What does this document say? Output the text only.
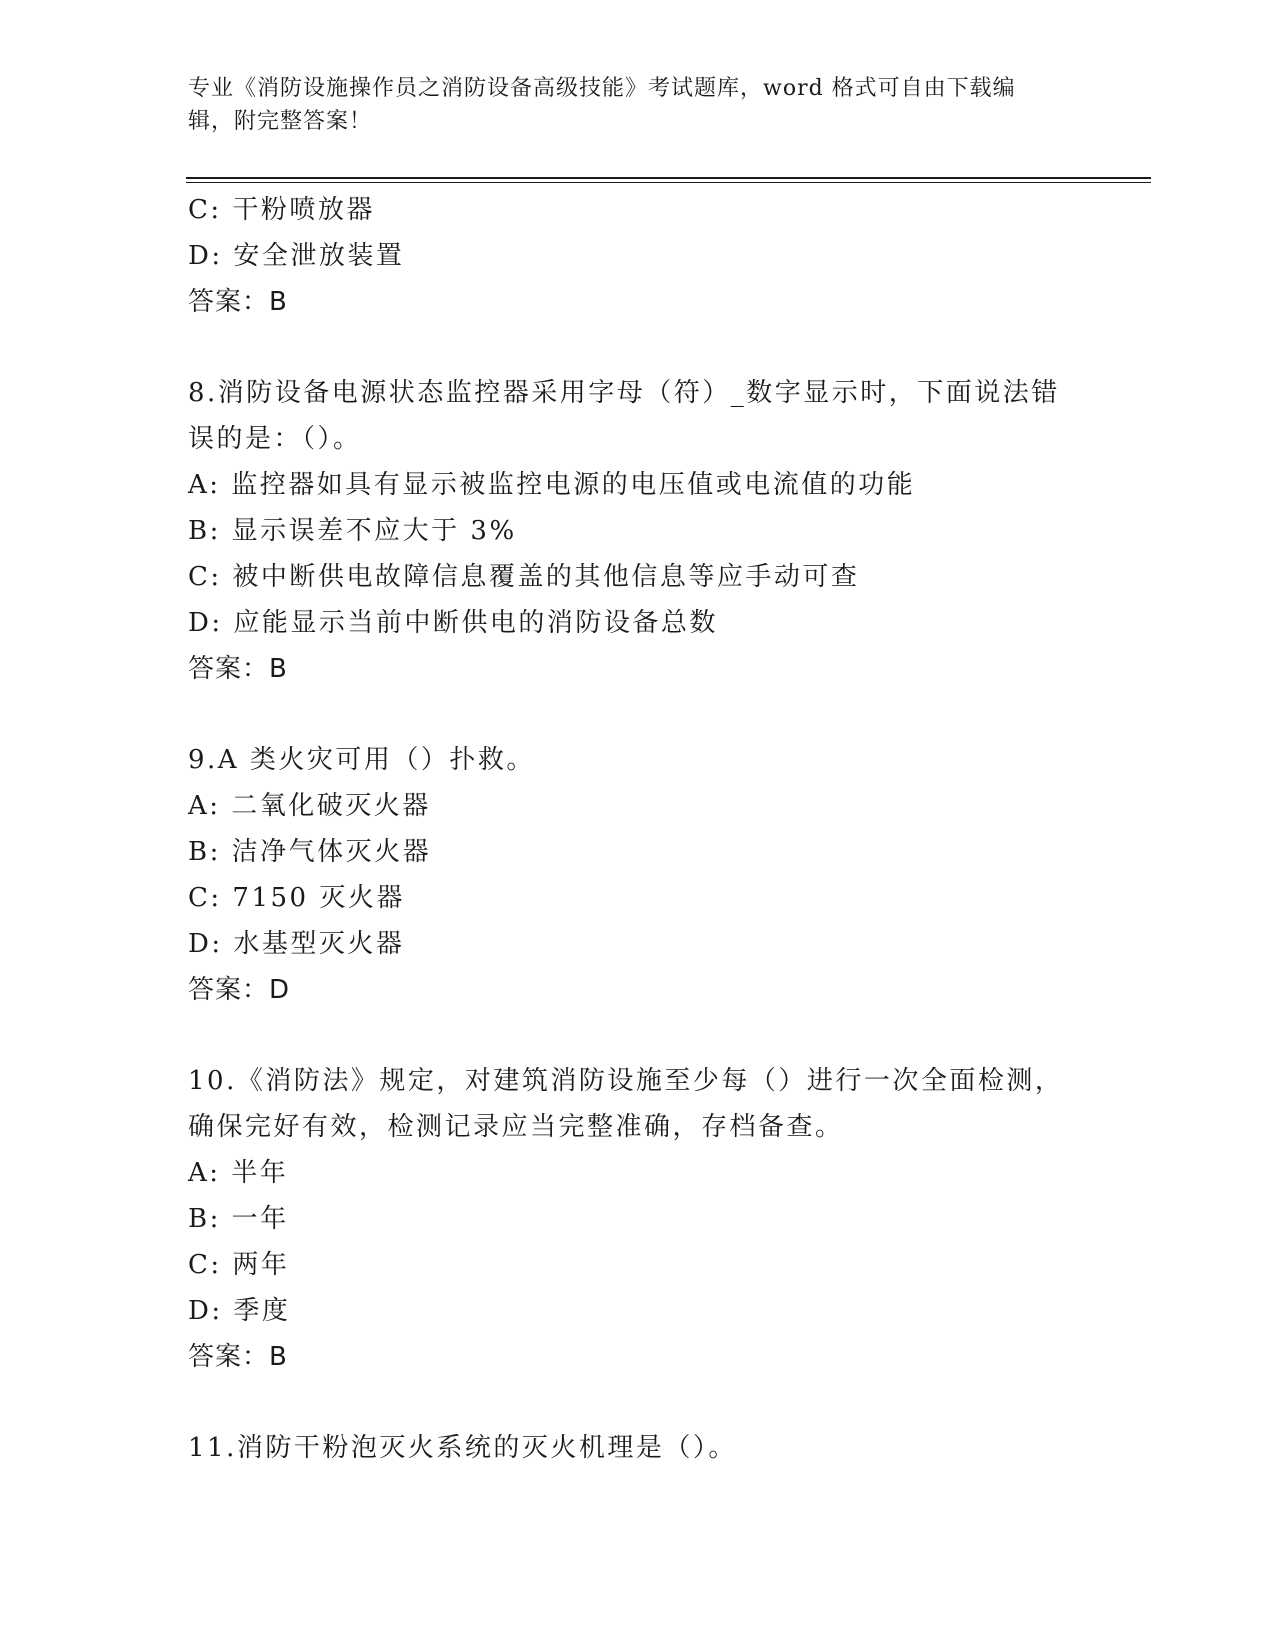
专业《消防设施操作员之消防设备高级技能》考试题库，word 格式可自由下载编
辑，附完整答案！
C: 干粉喷放器
D: 安全泄放装置
答案：B
8.消防设备电源状态监控器采用字母（符）_数字显示时，下面说法错
误的是：（）。
A: 监控器如具有显示被监控电源的电压值或电流值的功能
B: 显示误差不应大于 3%
C: 被中断供电故障信息覆盖的其他信息等应手动可查
D: 应能显示当前中断供电的消防设备总数
答案：B
9.A 类火灾可用（）扑救。
A: 二氧化破灭火器
B: 洁净气体灭火器
C: 7150 灭火器
D: 水基型灭火器
答案：D
10.《消防法》规定，对建筑消防设施至少每（）进行一次全面检测，
确保完好有效，检测记录应当完整准确，存档备查。
A: 半年
B: 一年
C: 两年
D: 季度
答案：B
11.消防干粉泡灭火系统的灭火机理是（）。
